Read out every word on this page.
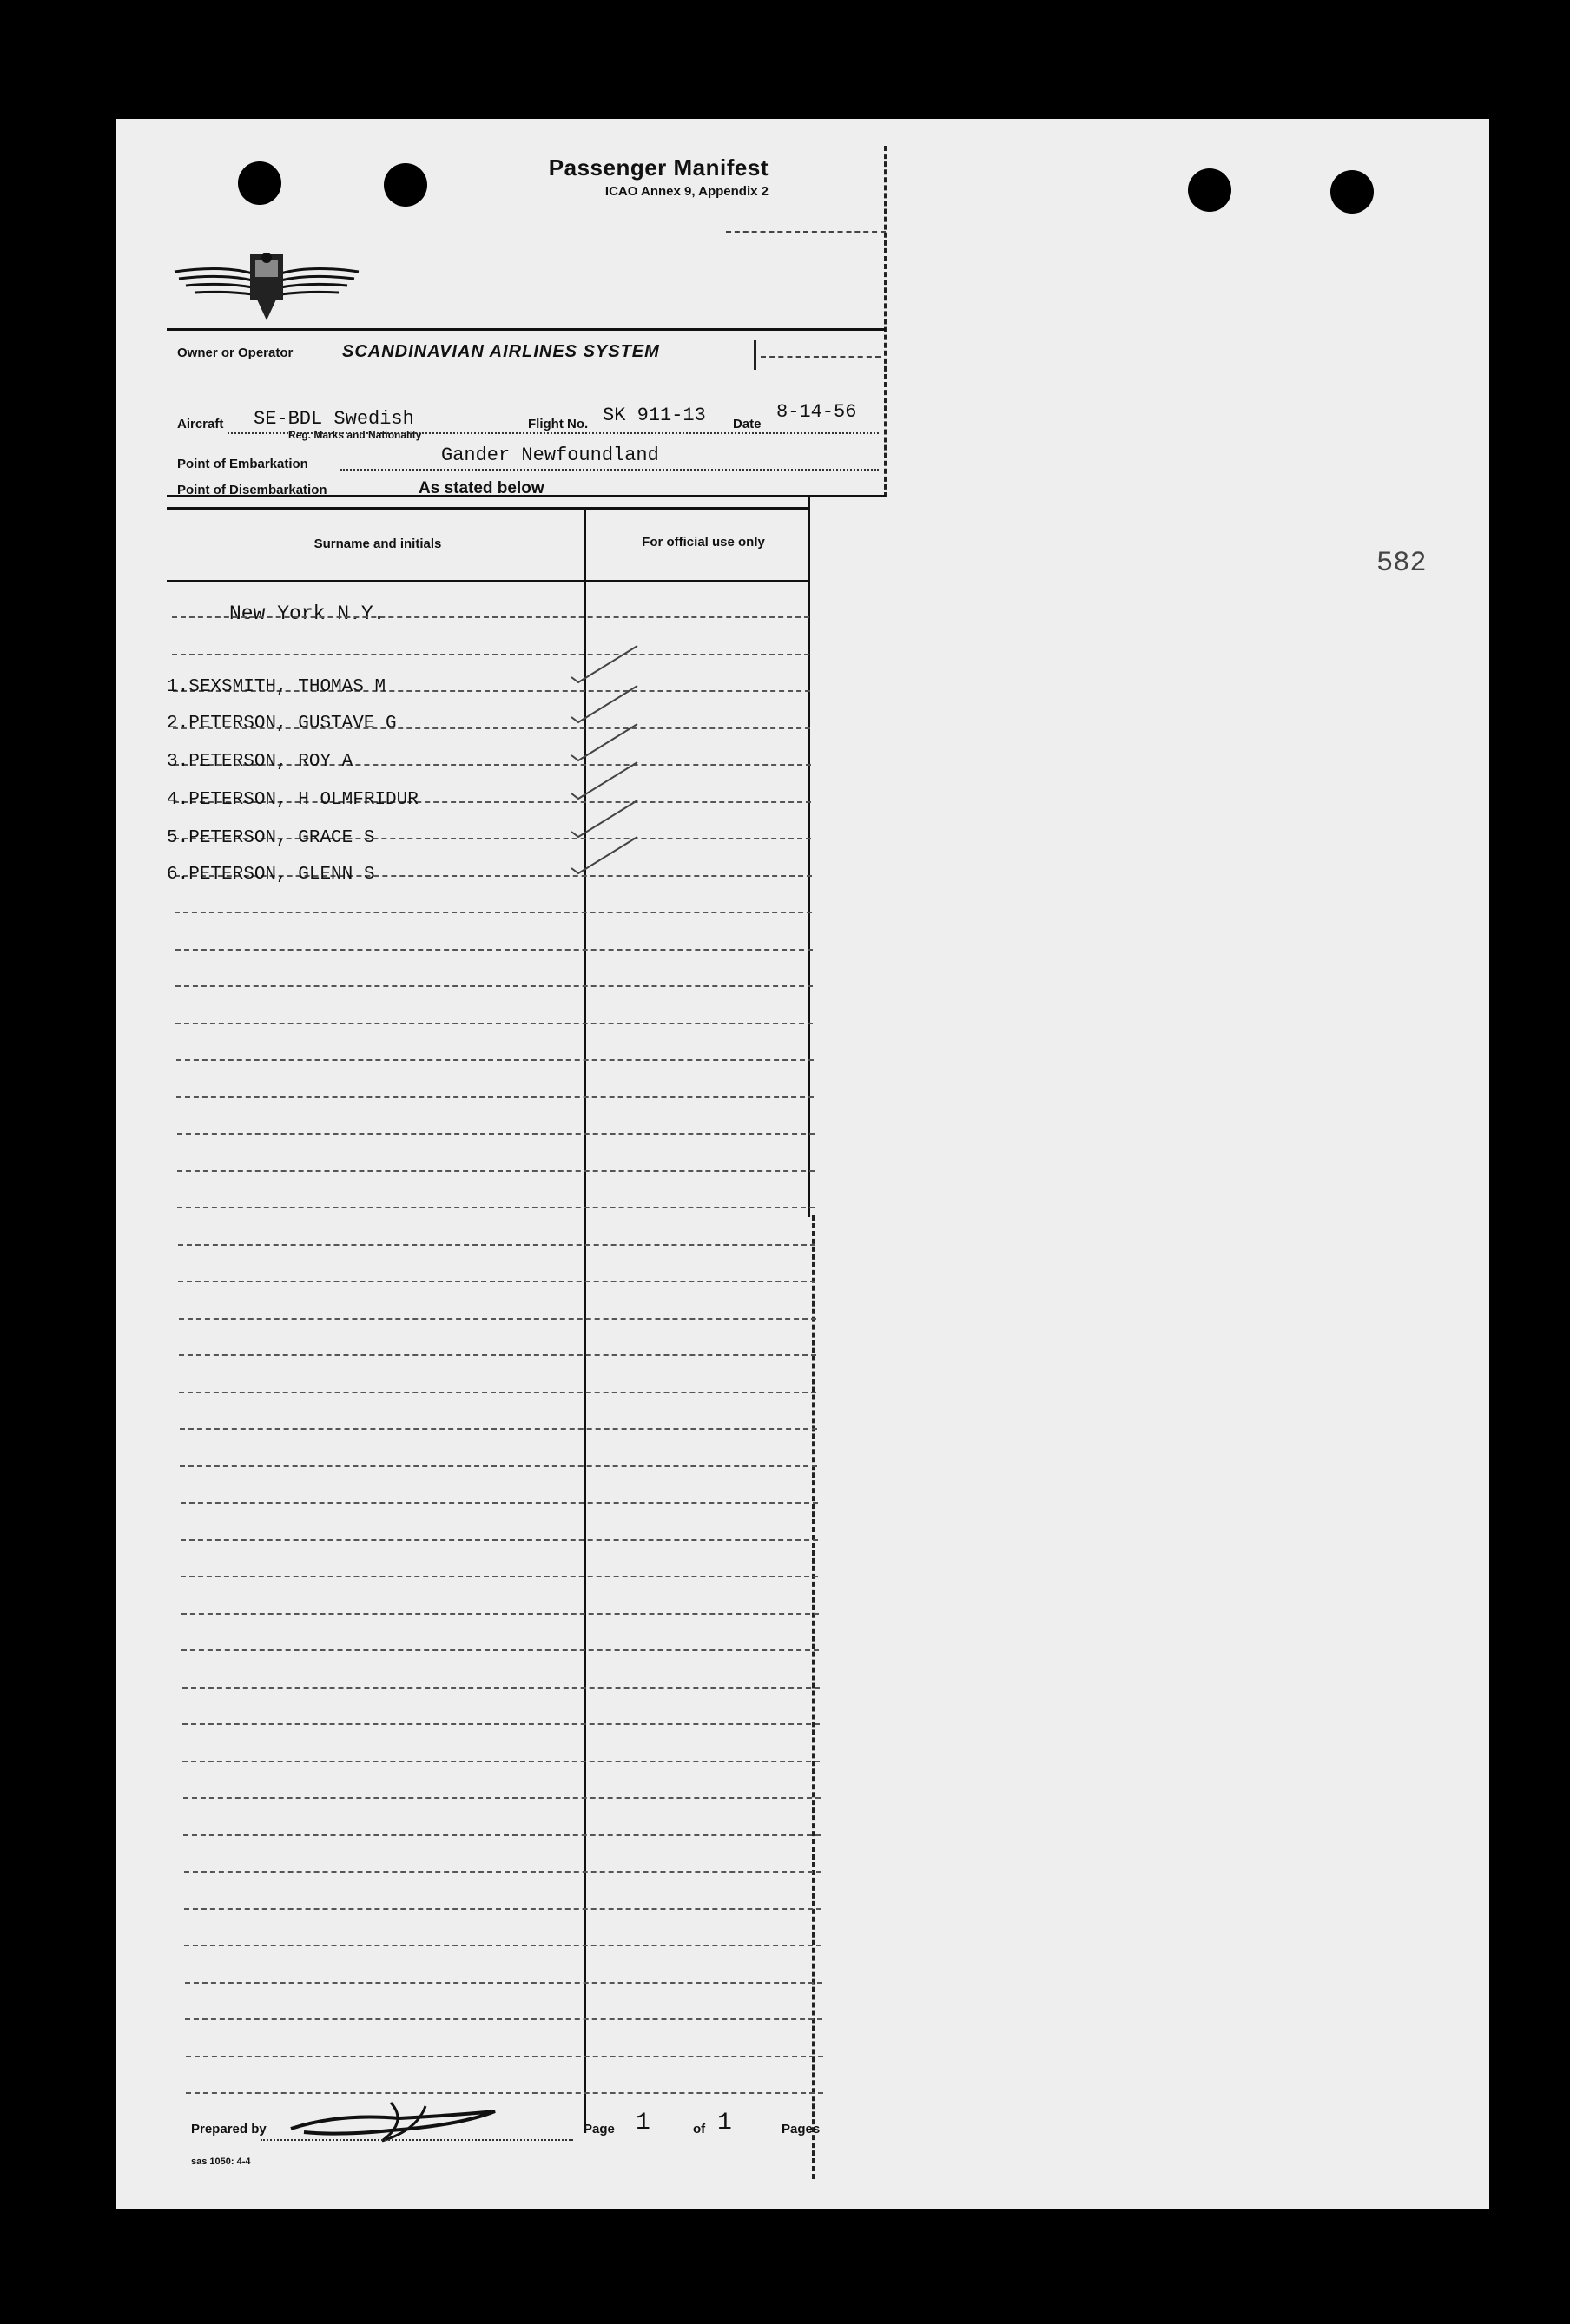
Passenger Manifest
ICAO Annex 9, Appendix 2
Owner or Operator	SCANDINAVIAN AIRLINES SYSTEM
Aircraft SE-BDL Swedish
Reg. Marks and Nationality
Flight No. SK 911-13 Date
8-14-56
Point of Embarkation	Gander Newfoundland
Point of Disembarkation	As stated below
Surname and initials	For official use only
New York N.Y.
1.SEXSMITH, THOMAS M
2.PETERSON, GUSTAVE G
3.PETERSON, ROY A
4.PETERSON, H OLMFRIDUR
5.PETERSON, GRACE S
6.PETERSON, GLENN S
582
Prepared by	Page 1	of 1	Pages
sas 1050: 4-4
